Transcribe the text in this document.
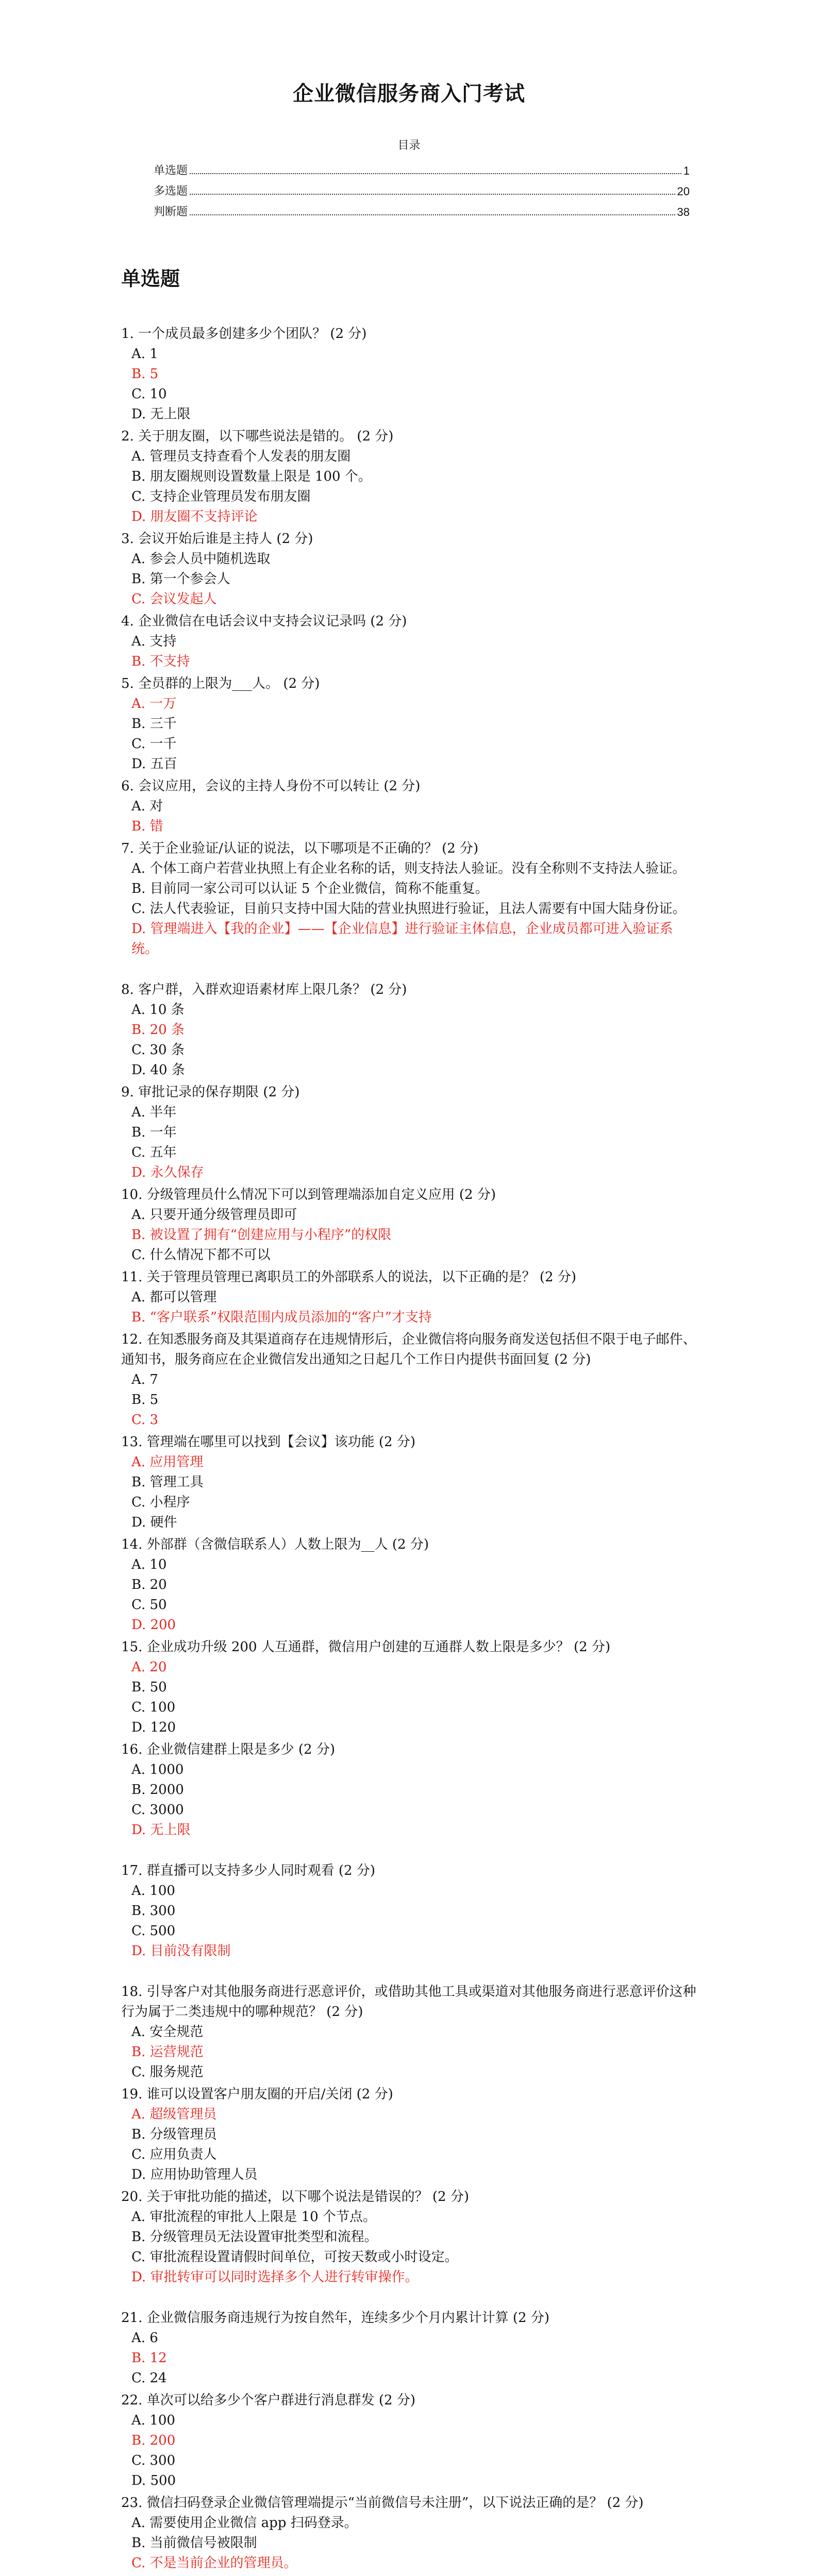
企业微信服务商入门考试
目录
单选题	1
多选题	20
判断题	38
单选题
1. 一个成员最多创建多少个团队？ (2 分)
A. 1
B. 5
C. 10
D. 无上限
2. 关于朋友圈，以下哪些说法是错的。 (2 分)
A. 管理员支持查看个人发表的朋友圈
B. 朋友圈规则设置数量上限是 100 个。
C. 支持企业管理员发布朋友圈
D. 朋友圈不支持评论
3. 会议开始后谁是主持人 (2 分)
A. 参会人员中随机选取
B. 第一个参会人
C. 会议发起人
4. 企业微信在电话会议中支持会议记录吗 (2 分)
A. 支持
B. 不支持
5. 全员群的上限为___人。 (2 分)
A. 一万
B. 三千
C. 一千
D. 五百
6. 会议应用，会议的主持人身份不可以转让 (2 分)
A. 对
B. 错
7. 关于企业验证/认证的说法，以下哪项是不正确的？ (2 分)
A. 个体工商户若营业执照上有企业名称的话，则支持法人验证。没有全称则不支持法人验证。
B. 目前同一家公司可以认证 5 个企业微信，简称不能重复。
C. 法人代表验证，目前只支持中国大陆的营业执照进行验证，且法人需要有中国大陆身份证。
D. 管理端进入【我的企业】——【企业信息】进行验证主体信息，企业成员都可进入验证系统。
8. 客户群，入群欢迎语素材库上限几条？ (2 分)
A. 10 条
B. 20 条
C. 30 条
D. 40 条
9. 审批记录的保存期限 (2 分)
A. 半年
B. 一年
C. 五年
D. 永久保存
10. 分级管理员什么情况下可以到管理端添加自定义应用 (2 分)
A. 只要开通分级管理员即可
B. 被设置了拥有“创建应用与小程序”的权限
C. 什么情况下都不可以
11. 关于管理员管理已离职员工的外部联系人的说法，以下正确的是？ (2 分)
A. 都可以管理
B. “客户联系”权限范围内成员添加的“客户”才支持
12. 在知悉服务商及其渠道商存在违规情形后，企业微信将向服务商发送包括但不限于电子邮件、通知书，服务商应在企业微信发出通知之日起几个工作日内提供书面回复 (2 分)
A. 7
B. 5
C. 3
13. 管理端在哪里可以找到【会议】该功能 (2 分)
A. 应用管理
B. 管理工具
C. 小程序
D. 硬件
14. 外部群（含微信联系人）人数上限为__人 (2 分)
A. 10
B. 20
C. 50
D. 200
15. 企业成功升级 200 人互通群，微信用户创建的互通群人数上限是多少？ (2 分)
A. 20
B. 50
C. 100
D. 120
16. 企业微信建群上限是多少 (2 分)
A. 1000
B. 2000
C. 3000
D. 无上限
17. 群直播可以支持多少人同时观看 (2 分)
A. 100
B. 300
C. 500
D. 目前没有限制
18. 引导客户对其他服务商进行恶意评价，或借助其他工具或渠道对其他服务商进行恶意评价这种行为属于二类违规中的哪种规范？ (2 分)
A. 安全规范
B. 运营规范
C. 服务规范
19. 谁可以设置客户朋友圈的开启/关闭 (2 分)
A. 超级管理员
B. 分级管理员
C. 应用负责人
D. 应用协助管理人员
20. 关于审批功能的描述，以下哪个说法是错误的？ (2 分)
A. 审批流程的审批人上限是 10 个节点。
B. 分级管理员无法设置审批类型和流程。
C. 审批流程设置请假时间单位，可按天数或小时设定。
D. 审批转审可以同时选择多个人进行转审操作。
21. 企业微信服务商违规行为按自然年，连续多少个月内累计计算 (2 分)
A. 6
B. 12
C. 24
22. 单次可以给多少个客户群进行消息群发 (2 分)
A. 100
B. 200
C. 300
D. 500
23. 微信扫码登录企业微信管理端提示“当前微信号未注册”，以下说法正确的是？ (2 分)
A. 需要使用企业微信 app 扫码登录。
B. 当前微信号被限制
C. 不是当前企业的管理员。
